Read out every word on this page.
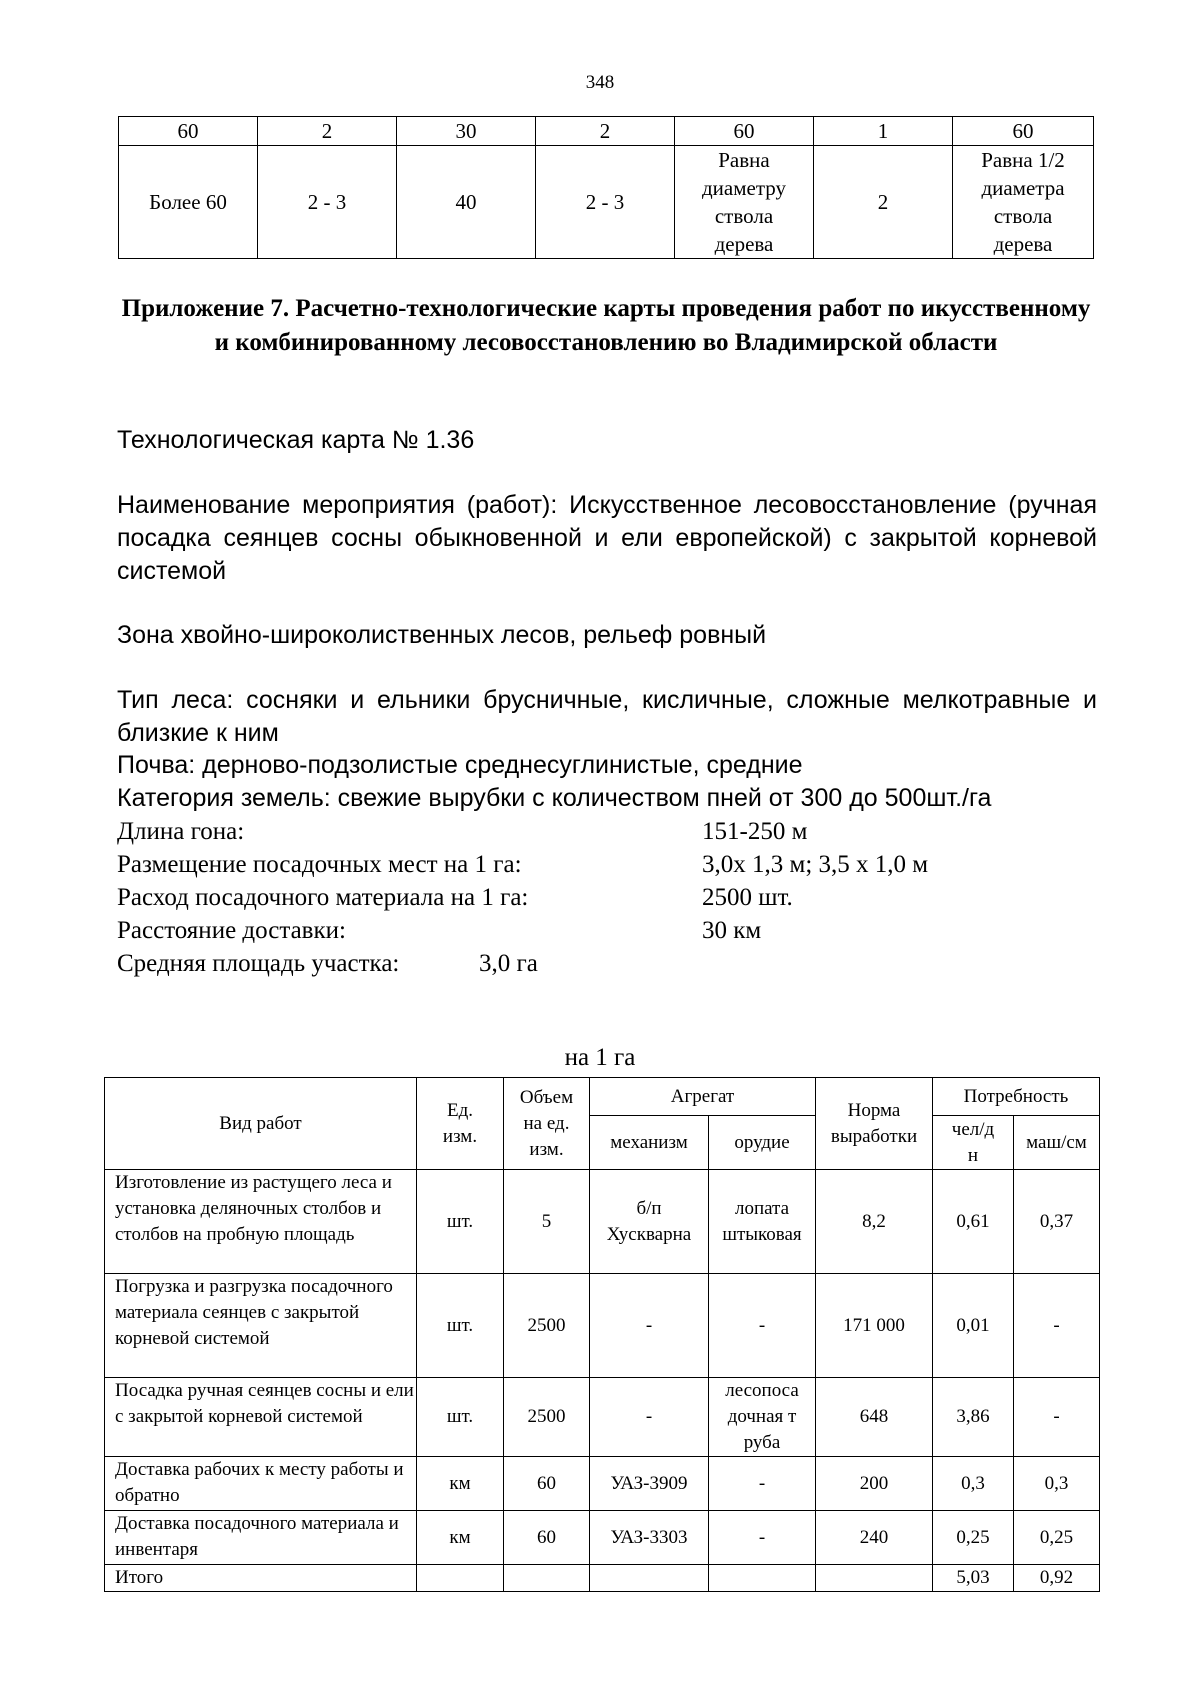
348
60	2	30	2	60	1	60
Более 60	2 - 3	40	2 - 3	Равна диаметру ствола дерева	2	Равна 1/2 диаметра ствола дерева
Приложение 7. Расчетно-технологические карты проведения работ по икусственному и комбинированному лесовосстановлению во Владимирской области
Технологическая карта № 1.36
Наименование мероприятия (работ): Искусственное лесовосстановление (ручная посадка сеянцев сосны обыкновенной и ели европейской) с закрытой корневой системой
Зона хвойно-широколиственных лесов, рельеф ровный
Тип леса: сосняки и ельники брусничные, кисличные, сложные мелкотравные и близкие к ним
Почва: дерново-подзолистые среднесуглинистые, средние
Категория земель: свежие вырубки с количеством пней от 300 до 500шт./га
Длина гона:	151-250 м
Размещение посадочных мест на 1 га:	3,0х 1,3 м; 3,5 х 1,0 м
Расход посадочного материала на 1 га:	2500 шт.
Расстояние доставки:	30 км
Средняя площадь участка:	3,0 га
на 1 га
Вид работ	Ед. изм.	Объем на ед. изм.	Агрегат		Норма выработки	Потребность	
			механизм	орудие		чел/дн	маш/см
Изготовление из растущего леса и установка деляночных столбов и столбов на пробную площадь	шт.	5	б/п Хускварна	лопата штыковая	8,2	0,61	0,37
Погрузка и разгрузка посадочного материала сеянцев с закрытой корневой системой	шт.	2500	-	-	171 000	0,01	-
Посадка ручная сеянцев сосны и ели с закрытой корневой системой	шт.	2500	-	лесопосадочная труба	648	3,86	-
Доставка рабочих к месту работы и обратно	км	60	УАЗ-3909	-	200	0,3	0,3
Доставка посадочного материала и инвентаря	км	60	УАЗ-3303	-	240	0,25	0,25
Итого						5,03	0,92
